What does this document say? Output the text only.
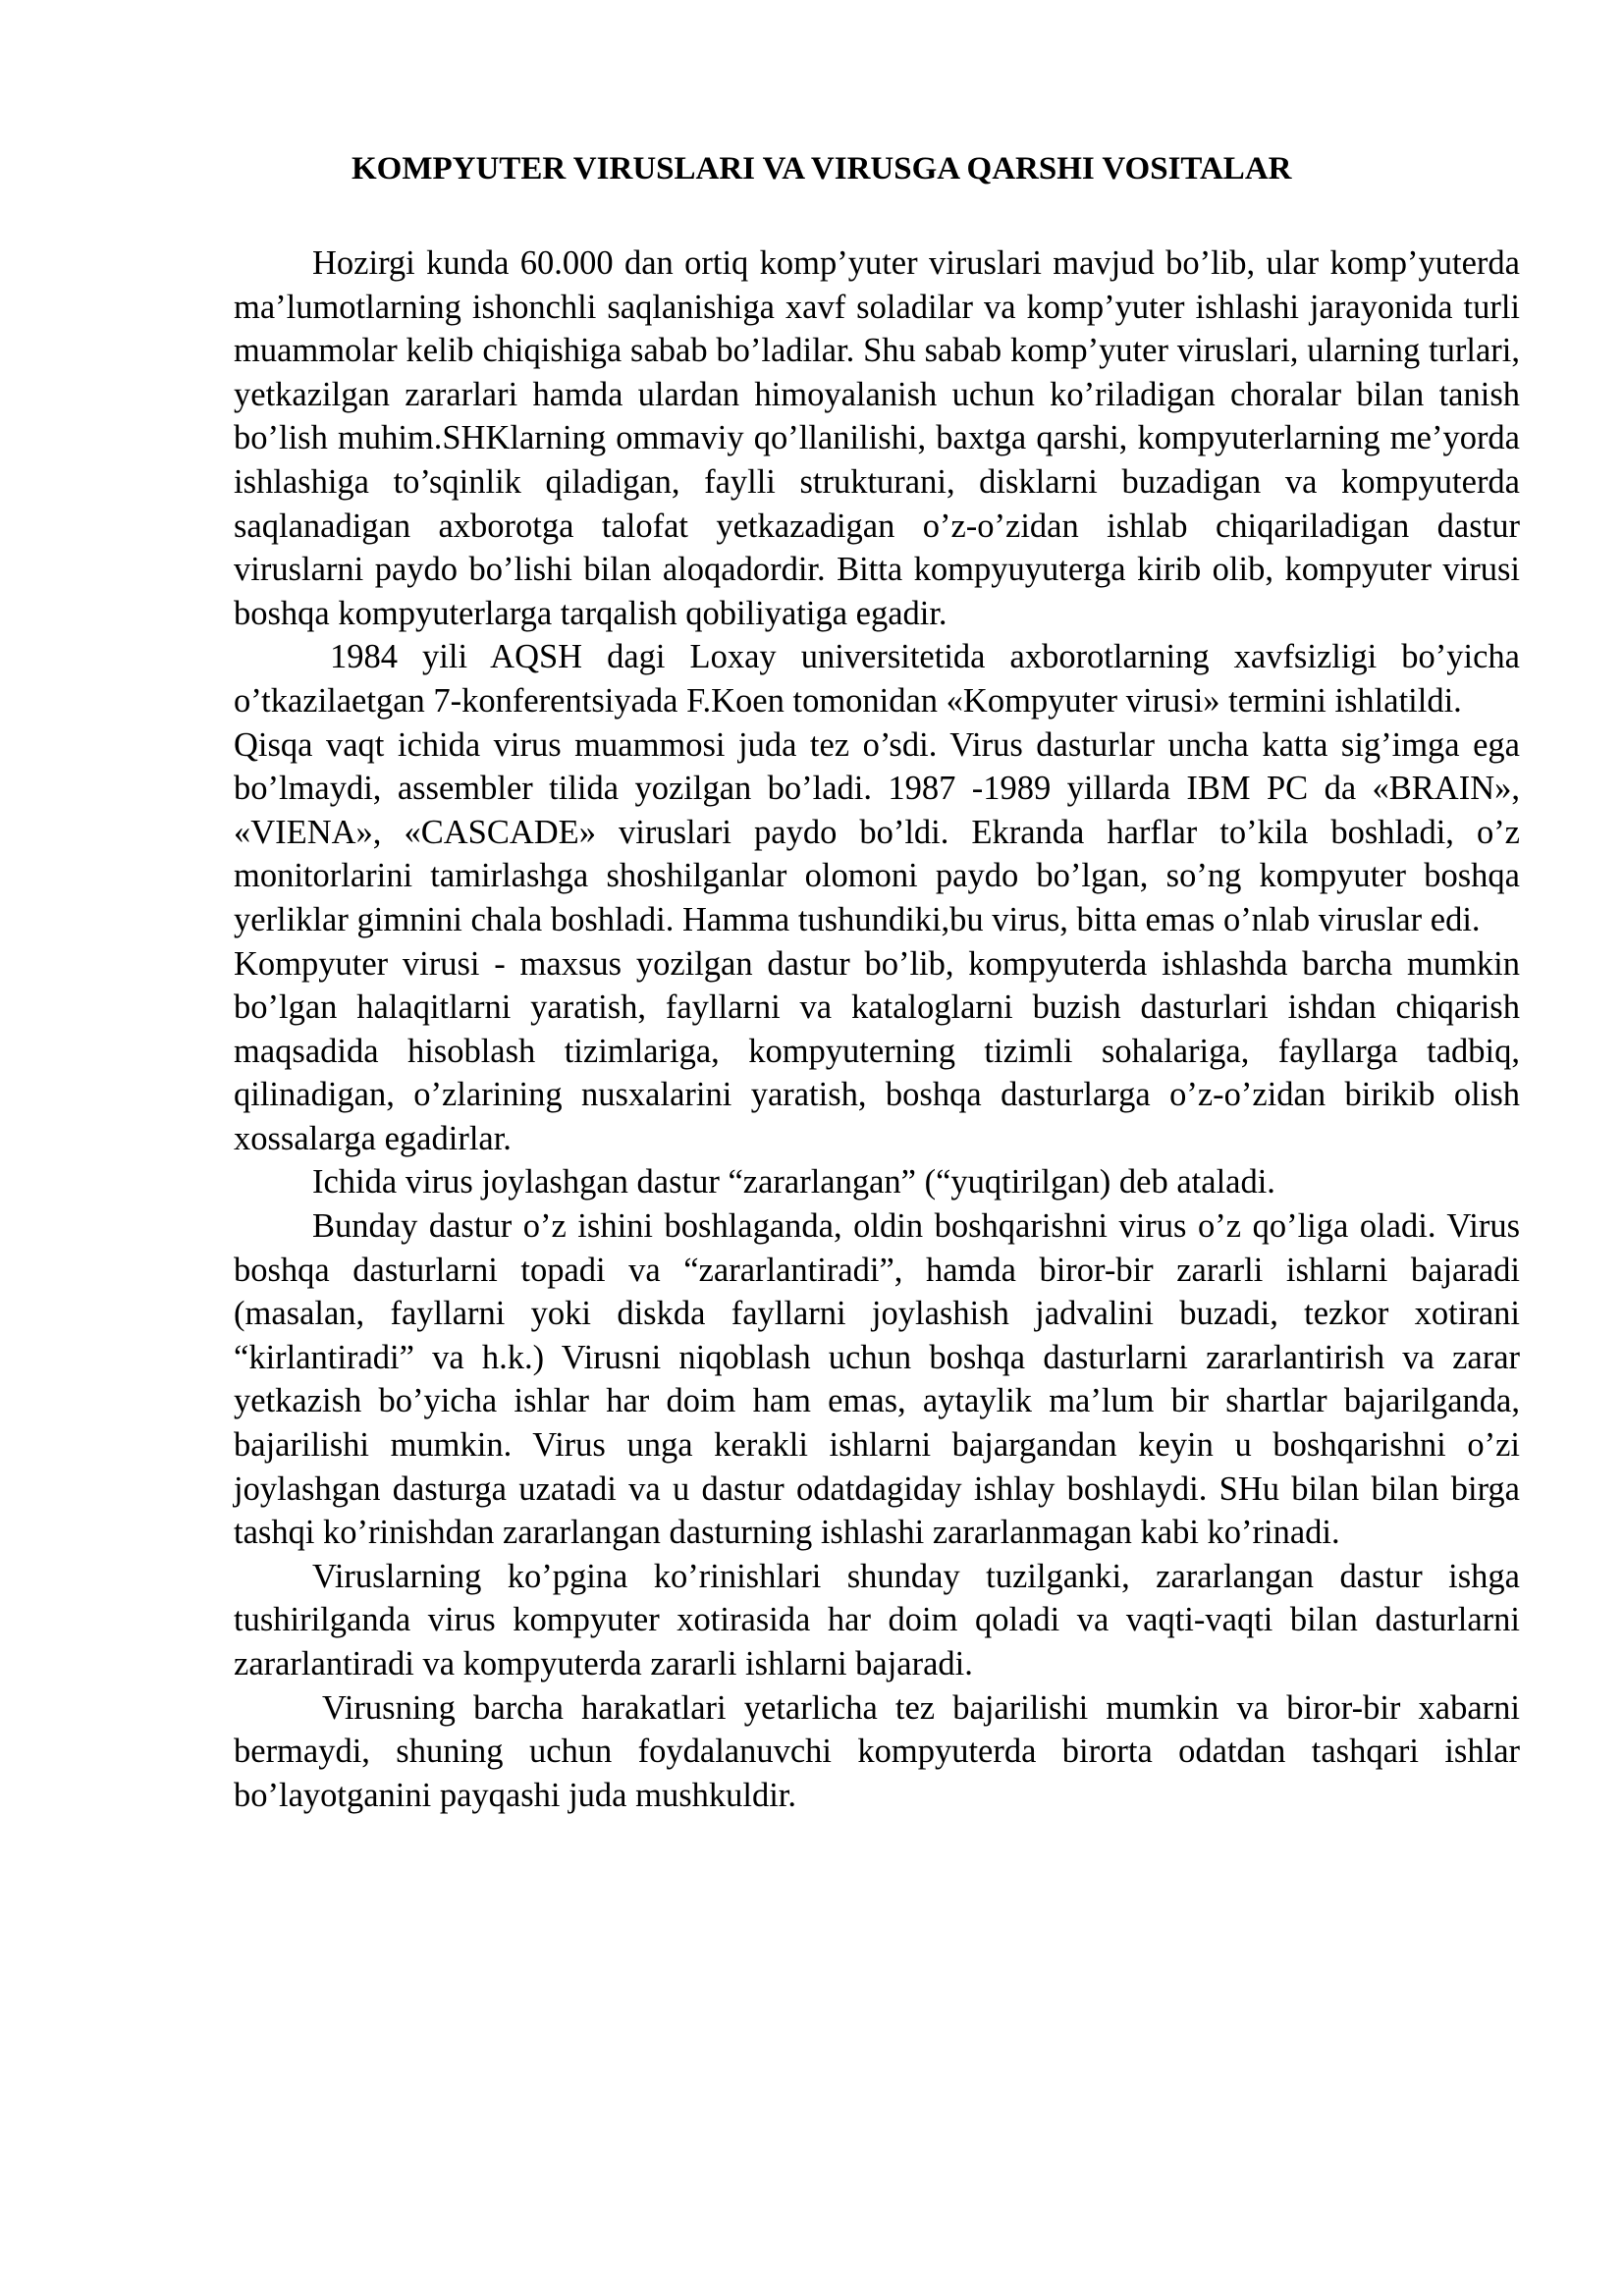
KOMPYUTER VIRUSLARI VA VIRUSGA QARSHI VOSITALAR

Hozirgi kunda 60.000 dan ortiq komp’yuter viruslari mavjud bo’lib, ular komp’yuterda ma’lumotlarning ishonchli saqlanishiga xavf soladilar va komp’yuter ishlashi jarayonida turli muammolar kelib chiqishiga sabab bo’ladilar. Shu sabab komp’yuter viruslari, ularning turlari, yetkazilgan zararlari hamda ulardan himoyalanish uchun ko’riladigan choralar bilan tanish bo’lish muhim.SHKlarning ommaviy qo’llanilishi, baxtga qarshi, kompyuterlarning me’yorda ishlashiga to’sqinlik qiladigan, faylli strukturani, disklarni buzadigan va kompyuterda saqlanadigan axborotga talofat yetkazadigan o’z-o’zidan ishlab chiqariladigan dastur viruslarni paydo bo’lishi bilan aloqadordir. Bitta kompyuyuterga kirib olib, kompyuter virusi boshqa kompyuterlarga tarqalish qobiliyatiga egadir.

1984 yili AQSH dagi Loxay universitetida axborotlarning xavfsizligi bo’yicha o’tkazilaetgan 7-konferentsiyada F.Koen tomonidan «Kompyuter virusi» termini ishlatildi.

Qisqa vaqt ichida virus muammosi juda tez o’sdi. Virus dasturlar uncha katta sig’imga ega bo’lmaydi, assembler tilida yozilgan bo’ladi. 1987 -1989 yillarda IBM PC da «BRAIN», «VIENA», «CASCADE» viruslari paydo bo’ldi. Ekranda harflar to’kila boshladi, o’z monitorlarini tamirlashga shoshilganlar olomoni paydo bo’lgan, so’ng kompyuter boshqa yerliklar gimnini chala boshladi. Hamma tushundiki,bu virus, bitta emas o’nlab viruslar edi.

Kompyuter virusi - maxsus yozilgan dastur bo’lib, kompyuterda ishlashda barcha mumkin bo’lgan halaqitlarni yaratish, fayllarni va kataloglarni buzish dasturlari ishdan chiqarish maqsadida hisoblash tizimlariga, kompyuterning tizimli sohalariga, fayllarga tadbiq, qilinadigan, o’zlarining nusxalarini yaratish, boshqa dasturlarga o’z-o’zidan birikib olish xossalarga egadirlar.

Ichida virus joylashgan dastur “zararlangan” (“yuqtirilgan) deb ataladi.

Bunday dastur o’z ishini boshlaganda, oldin boshqarishni virus o’z qo’liga oladi. Virus boshqa dasturlarni topadi va “zararlantiradi”, hamda biror-bir zararli ishlarni bajaradi (masalan, fayllarni yoki diskda fayllarni joylashish jadvalini buzadi, tezkor xotirani “kirlantiradi” va h.k.) Virusni niqoblash uchun boshqa dasturlarni zararlantirish va zarar yetkazish bo’yicha ishlar har doim ham emas, aytaylik ma’lum bir shartlar bajarilganda, bajarilishi mumkin. Virus unga kerakli ishlarni bajargandan keyin u boshqarishni o’zi joylashgan dasturga uzatadi va u dastur odatdagiday ishlay boshlaydi. SHu bilan bilan birga tashqi ko’rinishdan zararlangan dasturning ishlashi zararlanmagan kabi ko’rinadi.

Viruslarning ko’pgina ko’rinishlari shunday tuzilganki, zararlangan dastur ishga tushirilganda virus kompyuter xotirasida har doim qoladi va vaqti-vaqti bilan dasturlarni zararlantiradi va kompyuterda zararli ishlarni bajaradi.

Virusning barcha harakatlari yetarlicha tez bajarilishi mumkin va biror-bir xabarni bermaydi, shuning uchun foydalanuvchi kompyuterda birorta odatdan tashqari ishlar bo’layotganini payqashi juda mushkuldir.
